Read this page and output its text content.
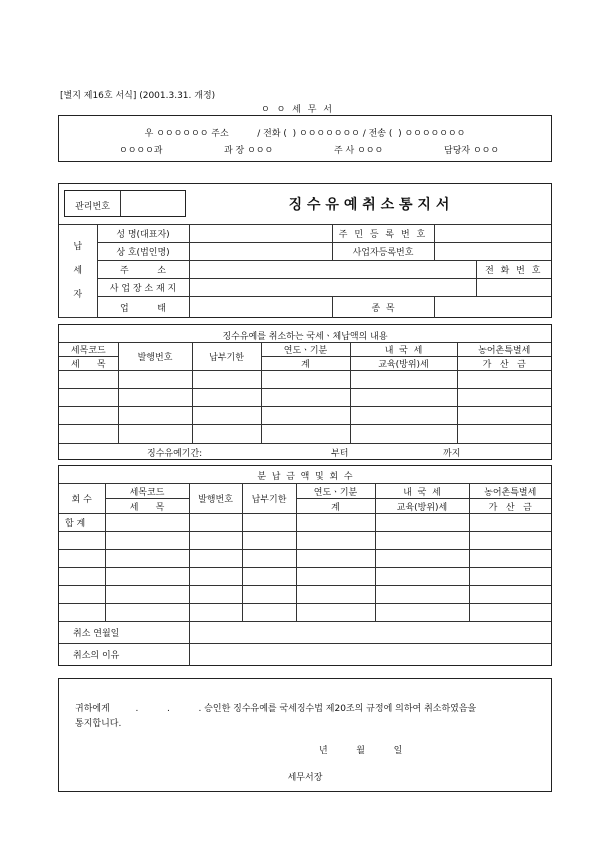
[별지 제16호 서식] (2001.3.31. 개정)
ㅇ ㅇ 세 무 서
우 ㅇㅇㅇㅇㅇㅇ 주소          / 전화 (  ) ㅇㅇㅇㅇㅇㅇㅇ / 전송 (  ) ㅇㅇㅇㅇㅇㅇㅇ
ㅇㅇㅇㅇ과	과 장 ㅇㅇㅇ	주 사 ㅇㅇㅇ	담당자 ㅇㅇㅇ
관리번호	징 수 유 예 취 소 통 지 서
납
세
자	성 명(대표자)		주 민 등 록 번 호		
	상 호(법인명)		사업자등록번호		
	주          소				전 화 번 호
	사 업 장 소 재 지				
	업          태		종  목		
징수유예를 취소하는 국세ㆍ체납액의 내용
세목코드	발행번호	납부기한	연도ㆍ기분	내  국  세	농어촌특별세
세      목			계	교육(방위)세	가   산   금

징수유예기간:	부터	까지
분  납  금  액  및  회  수
회 수	세목코드	발행번호	납부기한	연도ㆍ기분	내  국  세	농어촌특별세
	세      목			계	교육(방위)세	가   산   금
합 계						

취소 연월일						
취소의 이유						
귀하에게         .          .          . 승인한 징수유예를 국세징수법 제20조의 규정에 의하여 취소하였음을
통지합니다.
년          월          일
세무서장
